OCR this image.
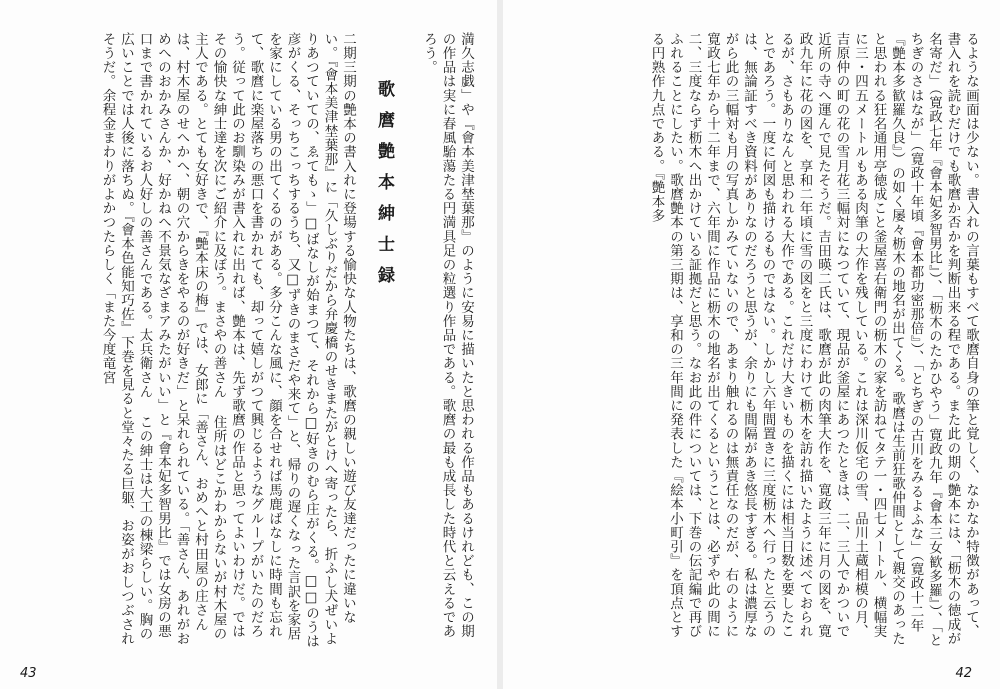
満久志戯」や『會本美津埜葉那』のように安易に描いたと思われる作品もあるけれども、この期の作品は実に春風駘蕩たる円満具足の粒選り作品である。歌麿の最も成長した時代と云えるであろう。
歌麿艶本紳士録
二期三期の艶本の書入れに登場する愉快な人物たちは、歌麿の親しい遊び友達だったに違いない。『會本美津埜葉那』に「久しぶりだから弁慶橋のせきまたがとけへ寄ったら、折ふし犬ぜいよりあつていての、ゑてもゝ」□ばなしが始まつて、それから□好きのむら庄がくる。□□のうは彦がくる、そっちこっちするうち、又□ずきのまさだや来て」と、帰りの遅くなった言訳を家居を家にしている男の出てくるのがある。多分こんな風に、顔を合せれば馬鹿ばなしに時間も忘れて、歌麿に楽屋落ちの悪口を書かれても、却って嬉しがつて興じるようなグループがいたのだろう。従って此のお馴染みが書入れに出れば、艶本は、先ず歌麿の作品と思ってよいわけだ。ではその愉快な紳士達を次にご紹介に及ぼう。まさやの善さん 住所はどこかわからないが村木屋の主人である。とても女好きで、『艶本床の梅』では、女郎に「善さん、おめへと村田屋の庄さんは、村木屋のせへかへ、朝の穴からきをやるのが好きだ」と呆れられている。「善さん、あれがおめへのおかみさんか、好かねへ不景気なざまアみたがいい」と『會本妃多智男比』では女房の悪口まで書かれているお人好しの善さんである。太兵衛さん この紳士は大工の棟梁らしい。胸の広いことでは人後に落ちぬ。『會本色能知巧佐』下巻を見ると堂々たる巨躯、お姿がおしつぶされそうだ。余程金まわりがよかつたらしく「また今度竜宮
43
るような画面は少ない。書入れの言葉もすべて歌麿自身の筆と覚しく、なかなか特徴があって、書入れを読むだけでも歌麿か否かを判断出来る程である。また此の期の艶本には、「枥木の徳成が名寄だ」（寛政七年『會本妃多智男比』）、「枥木のたかひやう」寛政九年『會本三女歓多羅』）、「とちぎのさはなが」（寛政十年頃『會本都功密那倍』）、「とちぎの古川をみるよふな」（寛政十二年『艶本多歓羅久良』）の如く屡々枥木の地名が出てくる。歌麿は生前狂歌仲間として親交のあったと思われる狂名通用亭徳成こと釜屋喜右衛門の枥木の家を訪ねてタテ一・四七メートル、横幅実に三・四五メートルもある肉筆の大作を残している。これは深川仮宅の雪、品川土蔵相模の月、吉原仲の町の花の雪月花三幅対になつていて、現品が釜屋にあつたときは、二、三人でかついで近所の寺へ運んで見たそうだ。吉田暎二氏は、歌麿が此の肉筆大作を、寛政三年に月の図を、寛政九年に花の図を、享和二年頃に雪の図をと三度にわけて枥木を訪れ描いたように述べておられるが、さもありなんと思われる大作である。これだけ大きいものを描くには相当日数を要したことであろう。一度に何図も描けるものではない。しかし六年間置きに三度枥木へ行ったと云うのは、無論証すべき資料がありなのだろうと思うが、余りにも間隔があき悠長すぎる。私は濃厚ながら此の三幅対も月の写真しかみていないので、あまり触れるのは無責任なのだが、右のように寛政七年から十二年まで、六年間に作品に枥木の地名が出てくるということは、必ずや此の間に二、三度ならず枥木へ出かけている証拠だと思う。なお此の件については、下巻の伝記編で再びふれることにしたい。歌麿艶本の第三期は、享和の三年間に発表した『絵本小町引』を頂点とする円熟作九点である。『艶本多
42
